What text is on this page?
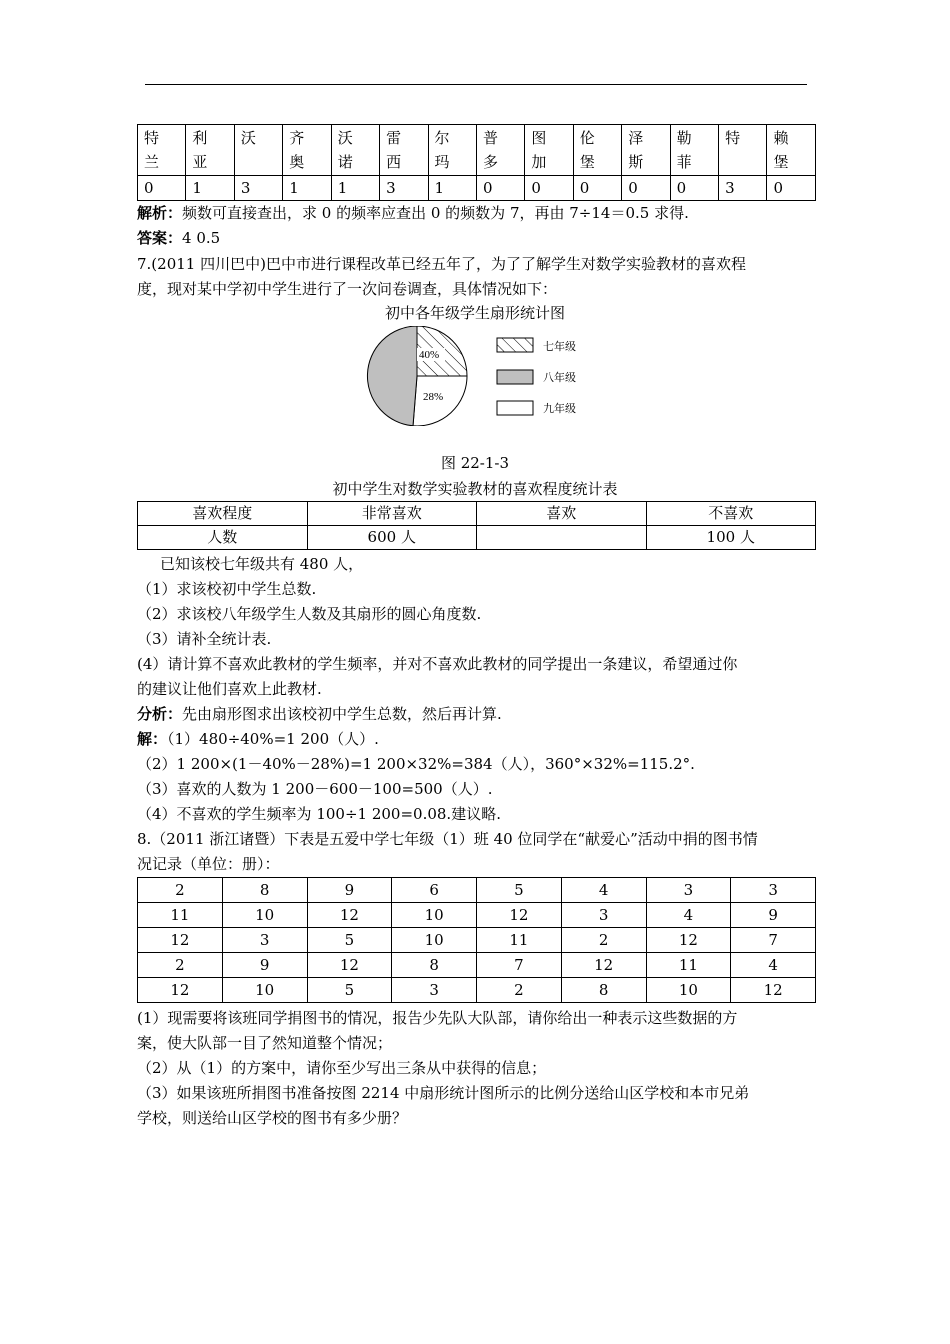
特兰	利亚	沃	齐奥	沃诺	雷西	尔玛	普多	图加	伦堡	泽斯	勒菲	特	赖堡

0	1	3	1	1	3	1	0	0	0	0	0	3	0
解析：频数可直接查出，求 0 的频率应查出 0 的频数为 7，再由 7÷14＝0.5 求得.
答案：4 0.5
7.(2011 四川巴中)巴中市进行课程改革已经五年了，为了了解学生对数学实验教材的喜欢程
度，现对某中学初中学生进行了一次问卷调查，具体情况如下：
初中各年级学生扇形统计图
40%
28%
七年级
八年级
九年级
图 22-1-3
初中学生对数学实验教材的喜欢程度统计表
喜欢程度	非常喜欢	喜欢	不喜欢
人数	600 人		100 人
已知该校七年级共有 480 人，
（1）求该校初中学生总数.
（2）求该校八年级学生人数及其扇形的圆心角度数.
（3）请补全统计表.
(4）请计算不喜欢此教材的学生频率，并对不喜欢此教材的同学提出一条建议，希望通过你
的建议让他们喜欢上此教材.
分析：先由扇形图求出该校初中学生总数，然后再计算.
解：（1）480÷40%=1 200（人）.
（2）1 200×(1－40%－28%)=1 200×32%=384（人），360°×32%=115.2°.
（3）喜欢的人数为 1 200－600－100=500（人）.
（4）不喜欢的学生频率为 100÷1 200=0.08.建议略.
8.（2011 浙江诸暨）下表是五爱中学七年级（1）班 40 位同学在“献爱心”活动中捐的图书情
况记录（单位：册）：
2	8	9	6	5	4	3	3
11	10	12	10	12	3	4	9
12	3	5	10	11	2	12	7
2	9	12	8	7	12	11	4
12	10	5	3	2	8	10	12
(1）现需要将该班同学捐图书的情况，报告少先队大队部，请你给出一种表示这些数据的方
案，使大队部一目了然知道整个情况；
（2）从（1）的方案中，请你至少写出三条从中获得的信息；
（3）如果该班所捐图书准备按图 2214 中扇形统计图所示的比例分送给山区学校和本市兄弟
学校，则送给山区学校的图书有多少册？
